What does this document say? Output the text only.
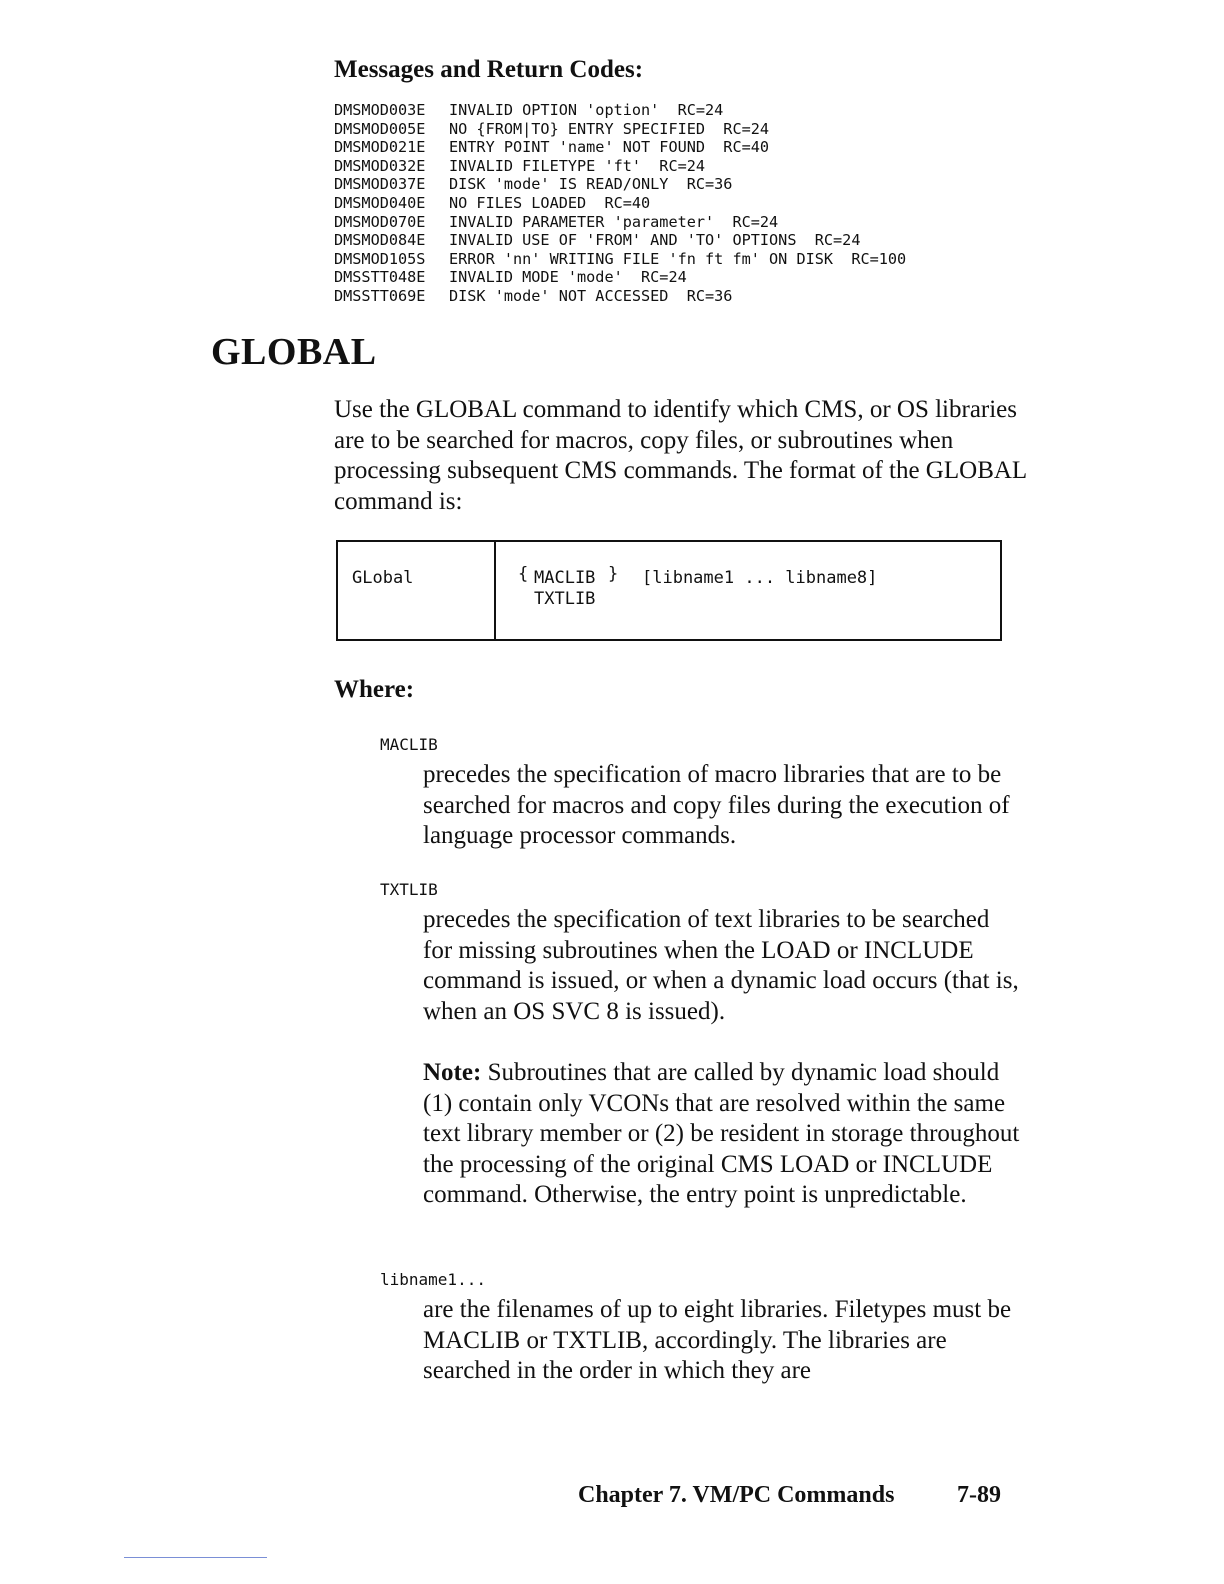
Messages and Return Codes:
DMSMOD003E INVALID OPTION 'option'  RC=24
DMSMOD005E NO {FROM|TO} ENTRY SPECIFIED  RC=24
DMSMOD021E ENTRY POINT 'name' NOT FOUND  RC=40
DMSMOD032E INVALID FILETYPE 'ft'  RC=24
DMSMOD037E DISK 'mode' IS READ/ONLY  RC=36
DMSMOD040E NO FILES LOADED  RC=40
DMSMOD070E INVALID PARAMETER 'parameter'  RC=24
DMSMOD084E INVALID USE OF 'FROM' AND 'TO' OPTIONS  RC=24
DMSMOD105S ERROR 'nn' WRITING FILE 'fn ft fm' ON DISK  RC=100
DMSSTT048E INVALID MODE 'mode'  RC=24
DMSSTT069E DISK 'mode' NOT ACCESSED  RC=36
GLOBAL

Use the GLOBAL command to identify which CMS, or OS libraries are to be searched for macros, copy files, or subroutines when processing subsequent CMS commands. The format of the GLOBAL command is:

GLobal	{ MACLIB
TXTLIB
} [libname1 ... libname8]
Where:
MACLIB

precedes the specification of macro libraries that are to be searched for macros and copy files during the execution of language processor commands.

TXTLIB

precedes the specification of text libraries to be searched for missing subroutines when the LOAD or INCLUDE command is issued, or when a dynamic load occurs (that is, when an OS SVC 8 is issued).

Note: Subroutines that are called by dynamic load should (1) contain only VCONs that are resolved within the same text library member or (2) be resident in storage throughout the processing of the original CMS LOAD or INCLUDE command. Otherwise, the entry point is unpredictable.

libname1...

are the filenames of up to eight libraries. Filetypes must be MACLIB or TXTLIB, accordingly. The libraries are searched in the order in which they are

Chapter 7. VM/PC Commands	7-89
